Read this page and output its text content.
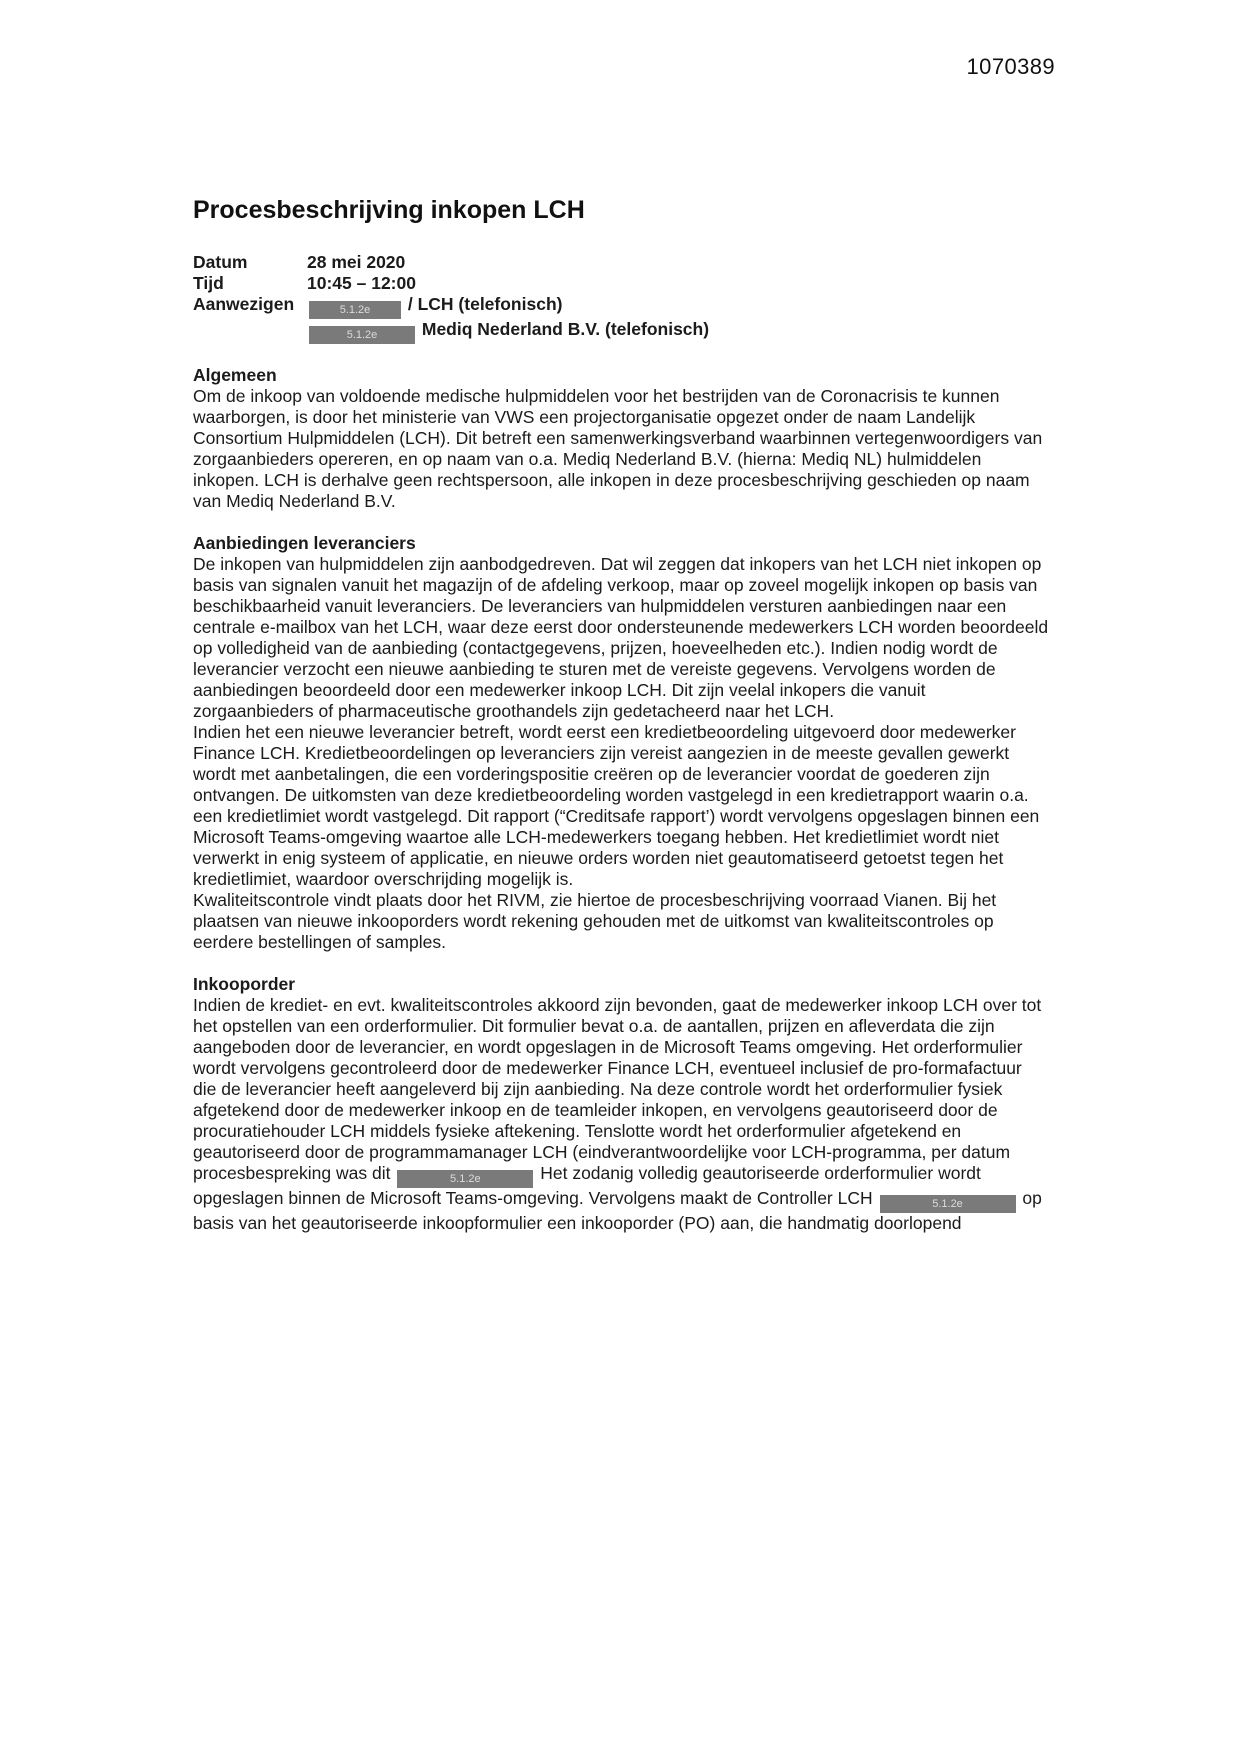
1070389
Procesbeschrijving inkopen LCH
Datum	28 mei 2020
Tijd	10:45 – 12:00
Aanwezigen	5.1.2e / LCH (telefonisch)
5.1.2e	Mediq Nederland B.V. (telefonisch)
Algemeen

Om de inkoop van voldoende medische hulpmiddelen voor het bestrijden van de Coronacrisis te kunnen waarborgen, is door het ministerie van VWS een projectorganisatie opgezet onder de naam Landelijk Consortium Hulpmiddelen (LCH). Dit betreft een samenwerkingsverband waarbinnen vertegenwoordigers van zorgaanbieders opereren, en op naam van o.a. Mediq Nederland B.V. (hierna: Mediq NL) hulmiddelen inkopen. LCH is derhalve geen rechtspersoon, alle inkopen in deze procesbeschrijving geschieden op naam van Mediq Nederland B.V.

Aanbiedingen leveranciers

De inkopen van hulpmiddelen zijn aanbodgedreven. Dat wil zeggen dat inkopers van het LCH niet inkopen op basis van signalen vanuit het magazijn of de afdeling verkoop, maar op zoveel mogelijk inkopen op basis van beschikbaarheid vanuit leveranciers. De leveranciers van hulpmiddelen versturen aanbiedingen naar een centrale e-mailbox van het LCH, waar deze eerst door ondersteunende medewerkers LCH worden beoordeeld op volledigheid van de aanbieding (contactgegevens, prijzen, hoeveelheden etc.). Indien nodig wordt de leverancier verzocht een nieuwe aanbieding te sturen met de vereiste gegevens. Vervolgens worden de aanbiedingen beoordeeld door een medewerker inkoop LCH. Dit zijn veelal inkopers die vanuit zorgaanbieders of pharmaceutische groothandels zijn gedetacheerd naar het LCH.

Indien het een nieuwe leverancier betreft, wordt eerst een kredietbeoordeling uitgevoerd door medewerker Finance LCH. Kredietbeoordelingen op leveranciers zijn vereist aangezien in de meeste gevallen gewerkt wordt met aanbetalingen, die een vorderingspositie creëren op de leverancier voordat de goederen zijn ontvangen. De uitkomsten van deze kredietbeoordeling worden vastgelegd in een kredietrapport waarin o.a. een kredietlimiet wordt vastgelegd. Dit rapport (“Creditsafe rapport’) wordt vervolgens opgeslagen binnen een Microsoft Teams-omgeving waartoe alle LCH-medewerkers toegang hebben. Het kredietlimiet wordt niet verwerkt in enig systeem of applicatie, en nieuwe orders worden niet geautomatiseerd getoetst tegen het kredietlimiet, waardoor overschrijding mogelijk is.

Kwaliteitscontrole vindt plaats door het RIVM, zie hiertoe de procesbeschrijving voorraad Vianen. Bij het plaatsen van nieuwe inkooporders wordt rekening gehouden met de uitkomst van kwaliteitscontroles op eerdere bestellingen of samples.

Inkooporder

Indien de krediet- en evt. kwaliteitscontroles akkoord zijn bevonden, gaat de medewerker inkoop LCH over tot het opstellen van een orderformulier. Dit formulier bevat o.a. de aantallen, prijzen en afleverdata die zijn aangeboden door de leverancier, en wordt opgeslagen in de Microsoft Teams omgeving. Het orderformulier wordt vervolgens gecontroleerd door de medewerker Finance LCH, eventueel inclusief de pro-formafactuur die de leverancier heeft aangeleverd bij zijn aanbieding. Na deze controle wordt het orderformulier fysiek afgetekend door de medewerker inkoop en de teamleider inkopen, en vervolgens geautoriseerd door de procuratiehouder LCH middels fysieke aftekening. Tenslotte wordt het orderformulier afgetekend en geautoriseerd door de programmamanager LCH (eindverantwoordelijke voor LCH-programma, per datum procesbespreking was dit	5.1.2e	Het zodanig volledig geautoriseerde orderformulier wordt opgeslagen binnen de Microsoft Teams-omgeving. Vervolgens maakt de Controller LCH	5.1.2e	op basis van het geautoriseerde inkoopformulier een inkooporder (PO) aan, die handmatig doorlopend
